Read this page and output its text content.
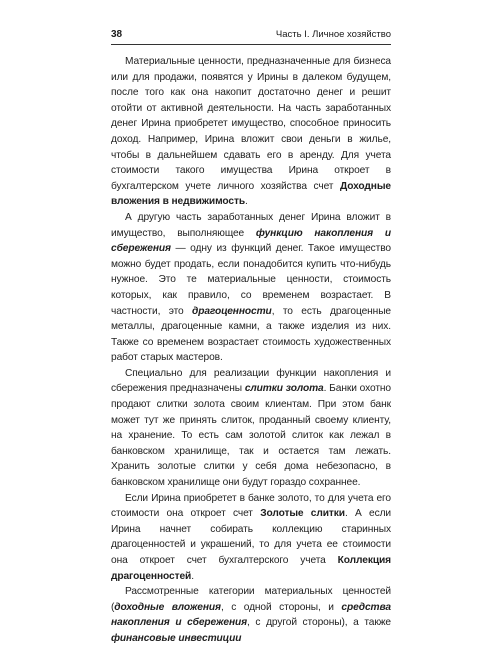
38	Часть I. Личное хозяйство

Материальные ценности, предназначенные для бизнеса или для продажи, появятся у Ирины в далеком будущем, после того как она накопит достаточно денег и решит отойти от активной деятельности. На часть заработанных денег Ирина приобретет имущество, способное приносить доход. Например, Ирина вложит свои деньги в жилье, чтобы в дальнейшем сдавать его в аренду. Для учета стоимости такого имущества Ирина откроет в бухгалтерском учете личного хозяйства счет Доходные вложения в недвижимость.

А другую часть заработанных денег Ирина вложит в имущество, выполняющее функцию накопления и сбережения — одну из функций денег. Такое имущество можно будет продать, если понадобится купить что-нибудь нужное. Это те материальные ценности, стоимость которых, как правило, со временем возрастает. В частности, это драгоценности, то есть драгоценные металлы, драгоценные камни, а также изделия из них. Также со временем возрастает стоимость художественных работ старых мастеров.

Специально для реализации функции накопления и сбережения предназначены слитки золота. Банки охотно продают слитки золота своим клиентам. При этом банк может тут же принять слиток, проданный своему клиенту, на хранение. То есть сам золотой слиток как лежал в банковском хранилище, так и остается там лежать. Хранить золотые слитки у себя дома небезопасно, в банковском хранилище они будут гораздо сохраннее.

Если Ирина приобретет в банке золото, то для учета его стоимости она откроет счет Золотые слитки. А если Ирина начнет собирать коллекцию старинных драгоценностей и украшений, то для учета ее стоимости она откроет счет бухгалтерского учета Коллекция драгоценностей.

Рассмотренные категории материальных ценностей (доходные вложения, с одной стороны, и средства накопления и сбережения, с другой стороны), а также финансовые инвестиции
